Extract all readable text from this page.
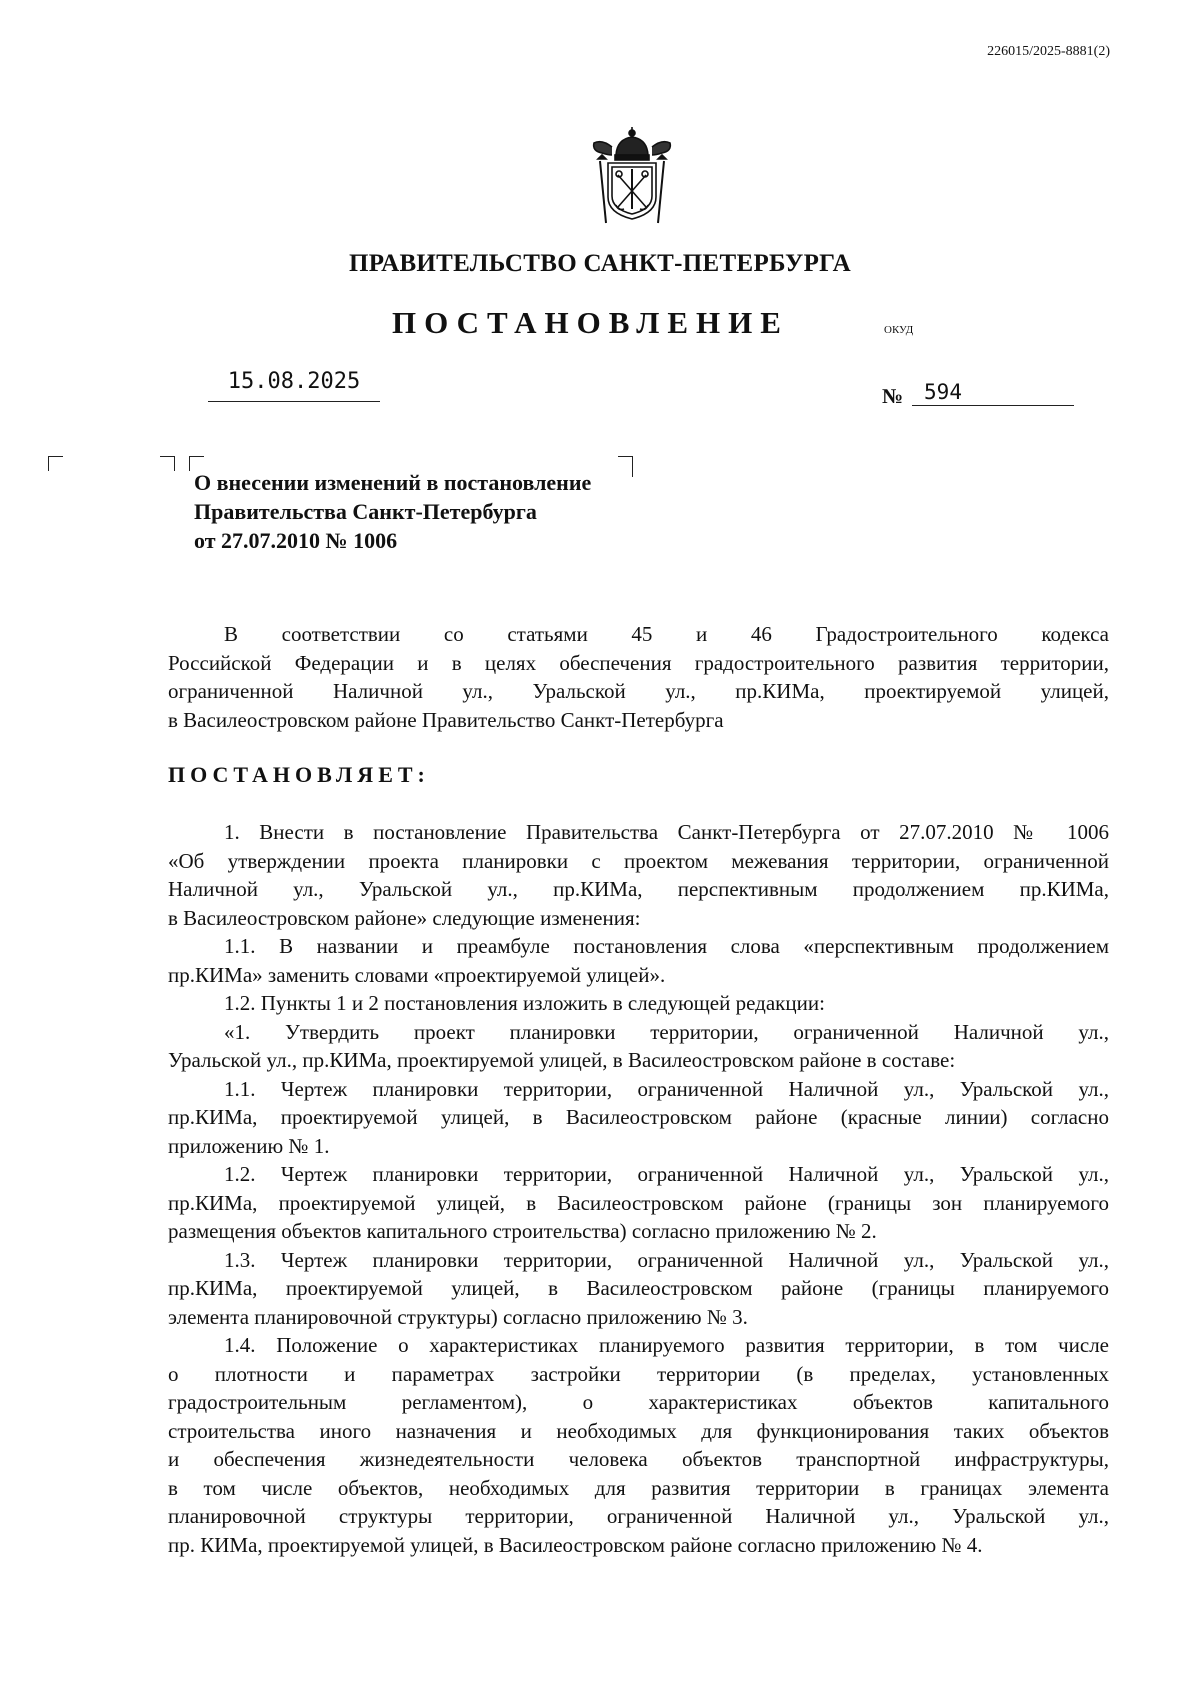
226015/2025-8881(2)
ПРАВИТЕЛЬСТВО САНКТ-ПЕТЕРБУРГА
ПОСТАНОВЛЕНИЕ	ОКУД
15.08.2025
№ 594
О внесении изменений в постановление
Правительства Санкт-Петербурга
от 27.07.2010 № 1006
В соответствии со статьями 45 и 46 Градостроительного кодекса
Российской Федерации и в целях обеспечения градостроительного развития территории,
ограниченной Наличной ул., Уральской ул., пр.КИМа, проектируемой улицей,
в Василеостровском районе Правительство Санкт-Петербурга
ПОСТАНОВЛЯЕТ:
1. Внести в постановление Правительства Санкт-Петербурга от 27.07.2010 № 1006
«Об утверждении проекта планировки с проектом межевания территории, ограниченной
Наличной ул., Уральской ул., пр.КИМа, перспективным продолжением пр.КИМа,
в Василеостровском районе» следующие изменения:
1.1. В названии и преамбуле постановления слова «перспективным продолжением
пр.КИМа» заменить словами «проектируемой улицей».
1.2. Пункты 1 и 2 постановления изложить в следующей редакции:
«1. Утвердить проект планировки территории, ограниченной Наличной ул.,
Уральской ул., пр.КИМа, проектируемой улицей, в Василеостровском районе в составе:
1.1. Чертеж планировки территории, ограниченной Наличной ул., Уральской ул.,
пр.КИМа, проектируемой улицей, в Василеостровском районе (красные линии) согласно
приложению № 1.
1.2. Чертеж планировки территории, ограниченной Наличной ул., Уральской ул.,
пр.КИМа, проектируемой улицей, в Василеостровском районе (границы зон планируемого
размещения объектов капитального строительства) согласно приложению № 2.
1.3. Чертеж планировки территории, ограниченной Наличной ул., Уральской ул.,
пр.КИМа, проектируемой улицей, в Василеостровском районе (границы планируемого
элемента планировочной структуры) согласно приложению № 3.
1.4. Положение о характеристиках планируемого развития территории, в том числе
о плотности и параметрах застройки территории (в пределах, установленных
градостроительным регламентом), о характеристиках объектов капитального
строительства иного назначения и необходимых для функционирования таких объектов
и обеспечения жизнедеятельности человека объектов транспортной инфраструктуры,
в том числе объектов, необходимых для развития территории в границах элемента
планировочной структуры территории, ограниченной Наличной ул., Уральской ул.,
пр. КИМа, проектируемой улицей, в Василеостровском районе согласно приложению № 4.
